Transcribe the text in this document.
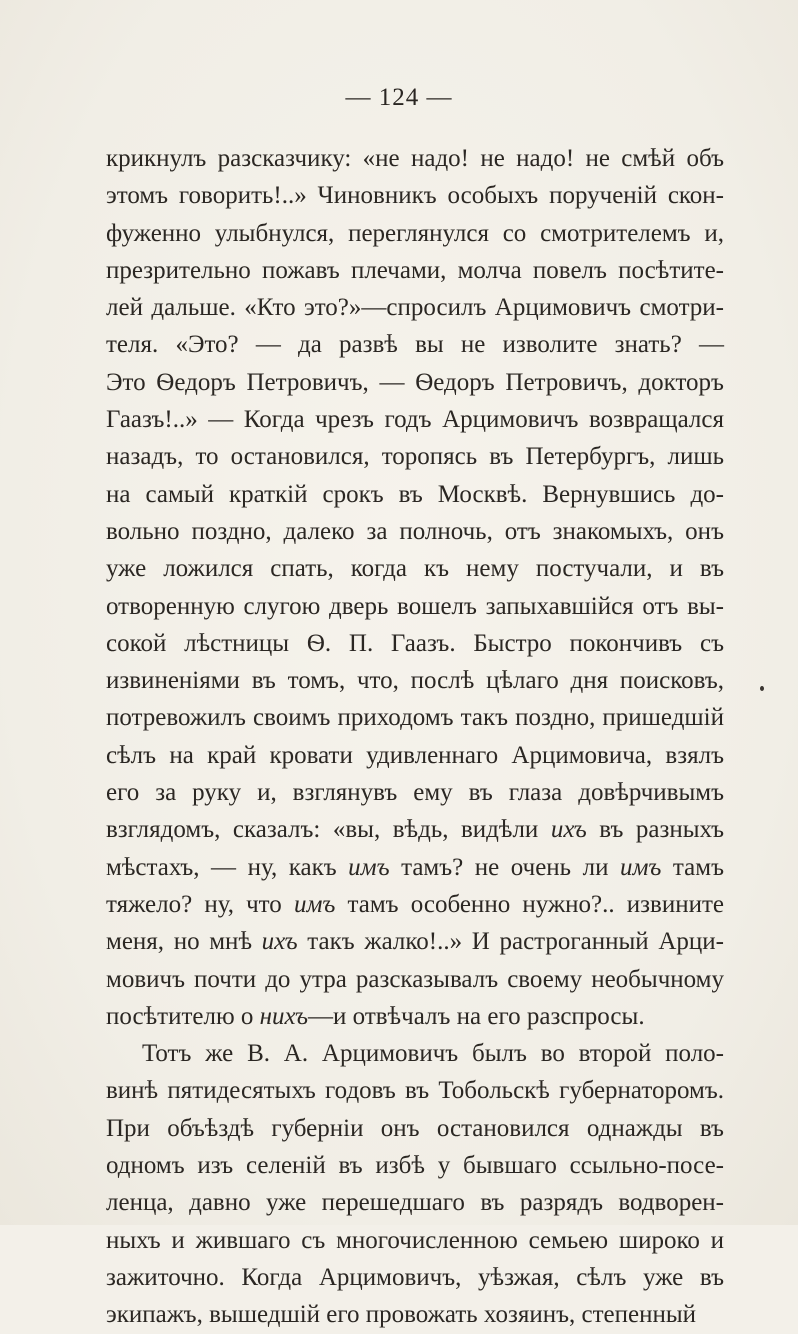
— 124 —
крикнулъ разсказчику: «не надо! не надо! не смѣй объ
этомъ говорить!..» Чиновникъ особыхъ порученій скон-
фуженно улыбнулся, переглянулся со смотрителемъ и,
презрительно пожавъ плечами, молча повелъ посѣтите-
лей дальше. «Кто это?»—спросилъ Арцимовичъ смотри-
теля. «Это? — да развѣ вы не изволите знать? —
Это Ѳедоръ Петровичъ, — Ѳедоръ Петровичъ, докторъ
Гаазъ!..» — Когда чрезъ годъ Арцимовичъ возвращался
назадъ, то остановился, торопясь въ Петербургъ, лишь
на самый краткій срокъ въ Москвѣ. Вернувшись до-
вольно поздно, далеко за полночь, отъ знакомыхъ, онъ
уже ложился спать, когда къ нему постучали, и въ
отворенную слугою дверь вошелъ запыхавшійся отъ вы-
сокой лѣстницы Ѳ. П. Гаазъ. Быстро покончивъ съ
извиненіями въ томъ, что, послѣ цѣлаго дня поисковъ,
потревожилъ своимъ приходомъ такъ поздно, пришедшій
сѣлъ на край кровати удивленнаго Арцимовича, взялъ
его за руку и, взглянувъ ему въ глаза довѣрчивымъ
взглядомъ, сказалъ: «вы, вѣдь, видѣли ихъ въ разныхъ
мѣстахъ, — ну, какъ имъ тамъ? не очень ли имъ тамъ
тяжело? ну, что имъ тамъ особенно нужно?.. извините
меня, но мнѣ ихъ такъ жалко!..» И растроганный Арци-
мовичъ почти до утра разсказывалъ своему необычному
посѣтителю о нихъ—и отвѣчалъ на его разспросы.
Тотъ же В. А. Арцимовичъ былъ во второй поло-
винѣ пятидесятыхъ годовъ въ Тобольскѣ губернаторомъ.
При объѣздѣ губерніи онъ остановился однажды въ
одномъ изъ селеній въ избѣ у бывшаго ссыльно-посе-
ленца, давно уже перешедшаго въ разрядъ водворен-
ныхъ и жившаго съ многочисленною семьею широко и
зажиточно. Когда Арцимовичъ, уѣзжая, сѣлъ уже въ
экипажъ, вышедшій его провожать хозяинъ, степенный
